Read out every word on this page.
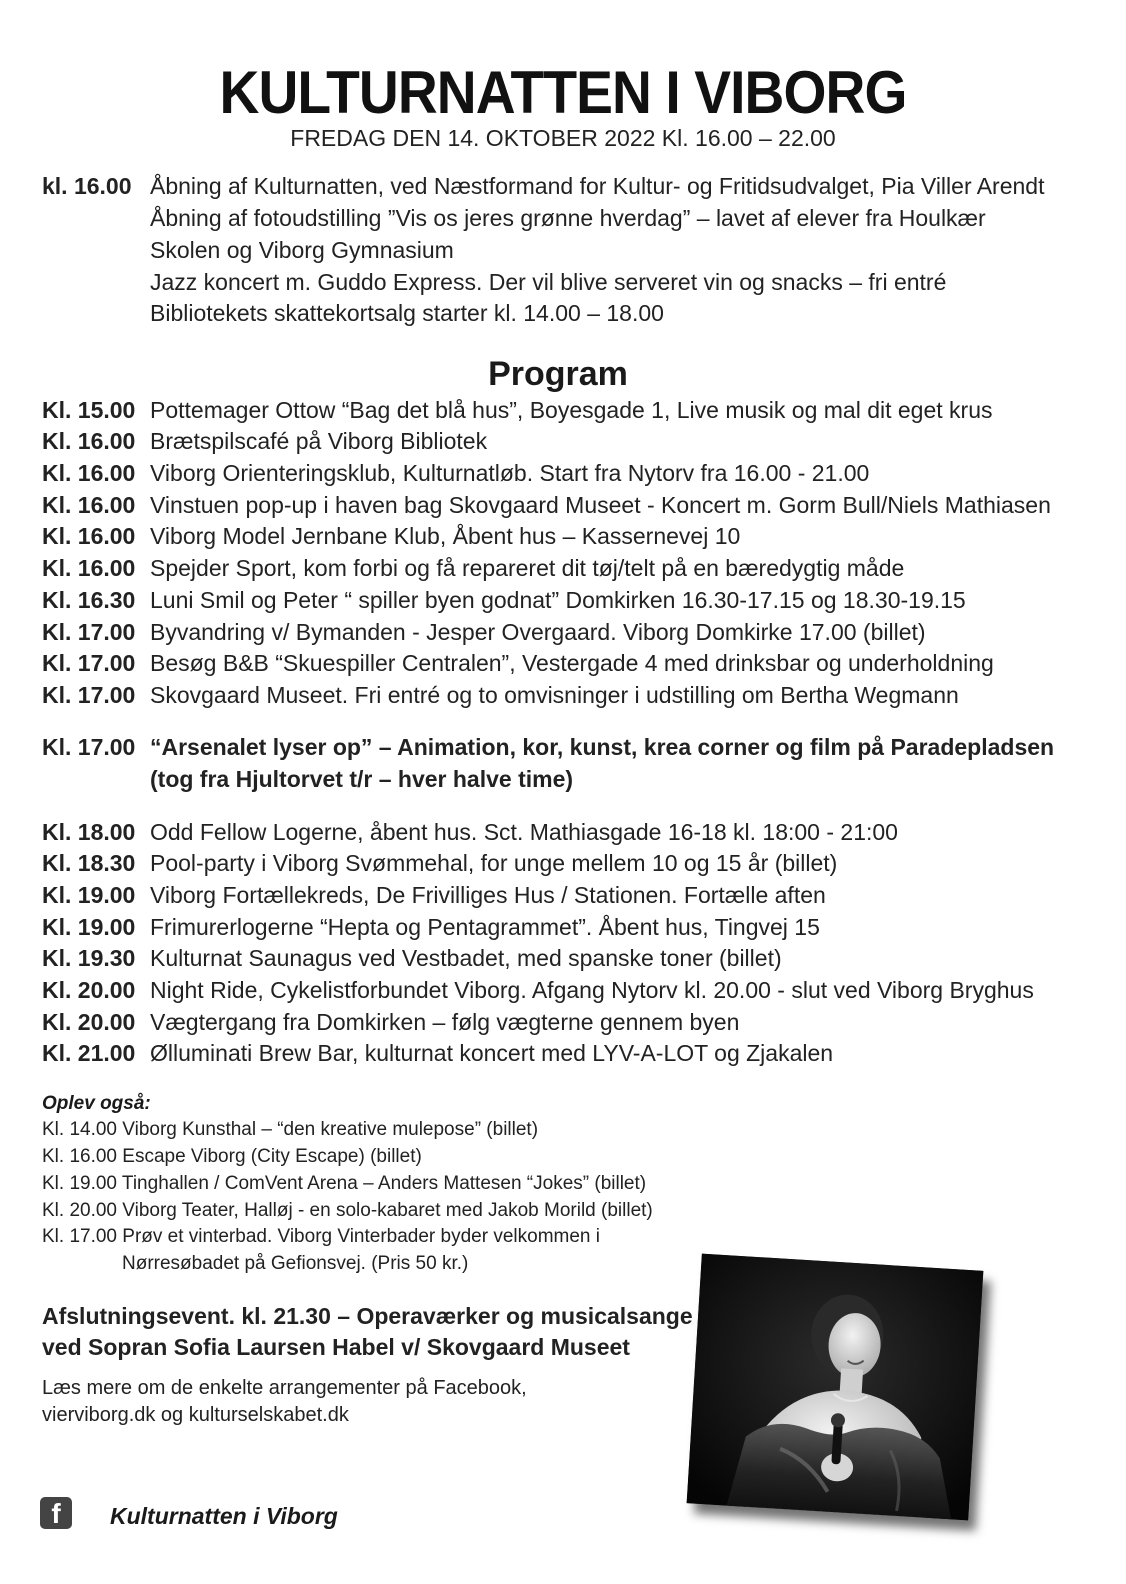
KULTURNATTEN I VIBORG
FREDAG DEN 14. OKTOBER 2022 Kl. 16.00 – 22.00
kl. 16.00 Åbning af Kulturnatten, ved Næstformand for Kultur- og Fritidsudvalget, Pia Viller Arendt
Åbning af fotoudstilling ”Vis os jeres grønne hverdag” – lavet af elever fra Houlkær
Skolen og Viborg Gymnasium
Jazz koncert m. Guddo Express. Der vil blive serveret vin og snacks – fri entré
Bibliotekets skattekortsalg starter kl. 14.00 – 18.00
Program
Kl. 15.00 Pottemager Ottow “Bag det blå hus”, Boyesgade 1, Live musik og mal dit eget krus
Kl. 16.00 Brætspilscafé på Viborg Bibliotek
Kl. 16.00 Viborg Orienteringsklub, Kulturnatløb. Start fra Nytorv fra 16.00 - 21.00
Kl. 16.00 Vinstuen pop-up i haven bag Skovgaard Museet - Koncert m. Gorm Bull/Niels Mathiasen
Kl. 16.00 Viborg Model Jernbane Klub, Åbent hus – Kassernevej 10
Kl. 16.00 Spejder Sport, kom forbi og få repareret dit tøj/telt på en bæredygtig måde
Kl. 16.30 Luni Smil og Peter “ spiller byen godnat” Domkirken 16.30-17.15 og 18.30-19.15
Kl. 17.00 Byvandring v/ Bymanden - Jesper Overgaard. Viborg Domkirke 17.00 (billet)
Kl. 17.00 Besøg B&B “Skuespiller Centralen”, Vestergade 4 med drinksbar og underholdning
Kl. 17.00 Skovgaard Museet. Fri entré og to omvisninger i udstilling om Bertha Wegmann
Kl. 17.00 “Arsenalet lyser op” – Animation, kor, kunst, krea corner og film på Paradepladsen
(tog fra Hjultorvet t/r – hver halve time)
Kl. 18.00 Odd Fellow Logerne, åbent hus. Sct. Mathiasgade 16-18 kl. 18:00 - 21:00
Kl. 18.30 Pool-party i Viborg Svømmehal, for unge mellem 10 og 15 år (billet)
Kl. 19.00 Viborg Fortællekreds, De Frivilliges Hus / Stationen. Fortælle aften
Kl. 19.00 Frimurerlogerne “Hepta og Pentagrammet”. Åbent hus, Tingvej 15
Kl. 19.30 Kulturnat Saunagus ved Vestbadet, med spanske toner (billet)
Kl. 20.00 Night Ride, Cykelistforbundet Viborg. Afgang Nytorv kl. 20.00 - slut ved Viborg Bryghus
Kl. 20.00 Vægtergang fra Domkirken – følg vægterne gennem byen
Kl. 21.00 Ølluminati Brew Bar, kulturnat koncert med LYV-A-LOT og Zjakalen
Oplev også:
Kl. 14.00 Viborg Kunsthal – “den kreative mulepose” (billet)
Kl. 16.00 Escape Viborg (City Escape) (billet)
Kl. 19.00 Tinghallen / ComVent Arena – Anders Mattesen “Jokes” (billet)
Kl. 20.00 Viborg Teater, Halløj - en solo-kabaret med Jakob Morild (billet)
Kl. 17.00 Prøv et vinterbad. Viborg Vinterbader byder velkommen i
Nørresøbadet på Gefionsvej. (Pris 50 kr.)
Afslutningsevent. kl. 21.30 – Operaværker og musicalsange
ved Sopran Sofia Laursen Habel v/ Skovgaard Museet
Læs mere om de enkelte arrangementer på Facebook,
vierviborg.dk og kulturselskabet.dk
f	Kulturnatten i Viborg
